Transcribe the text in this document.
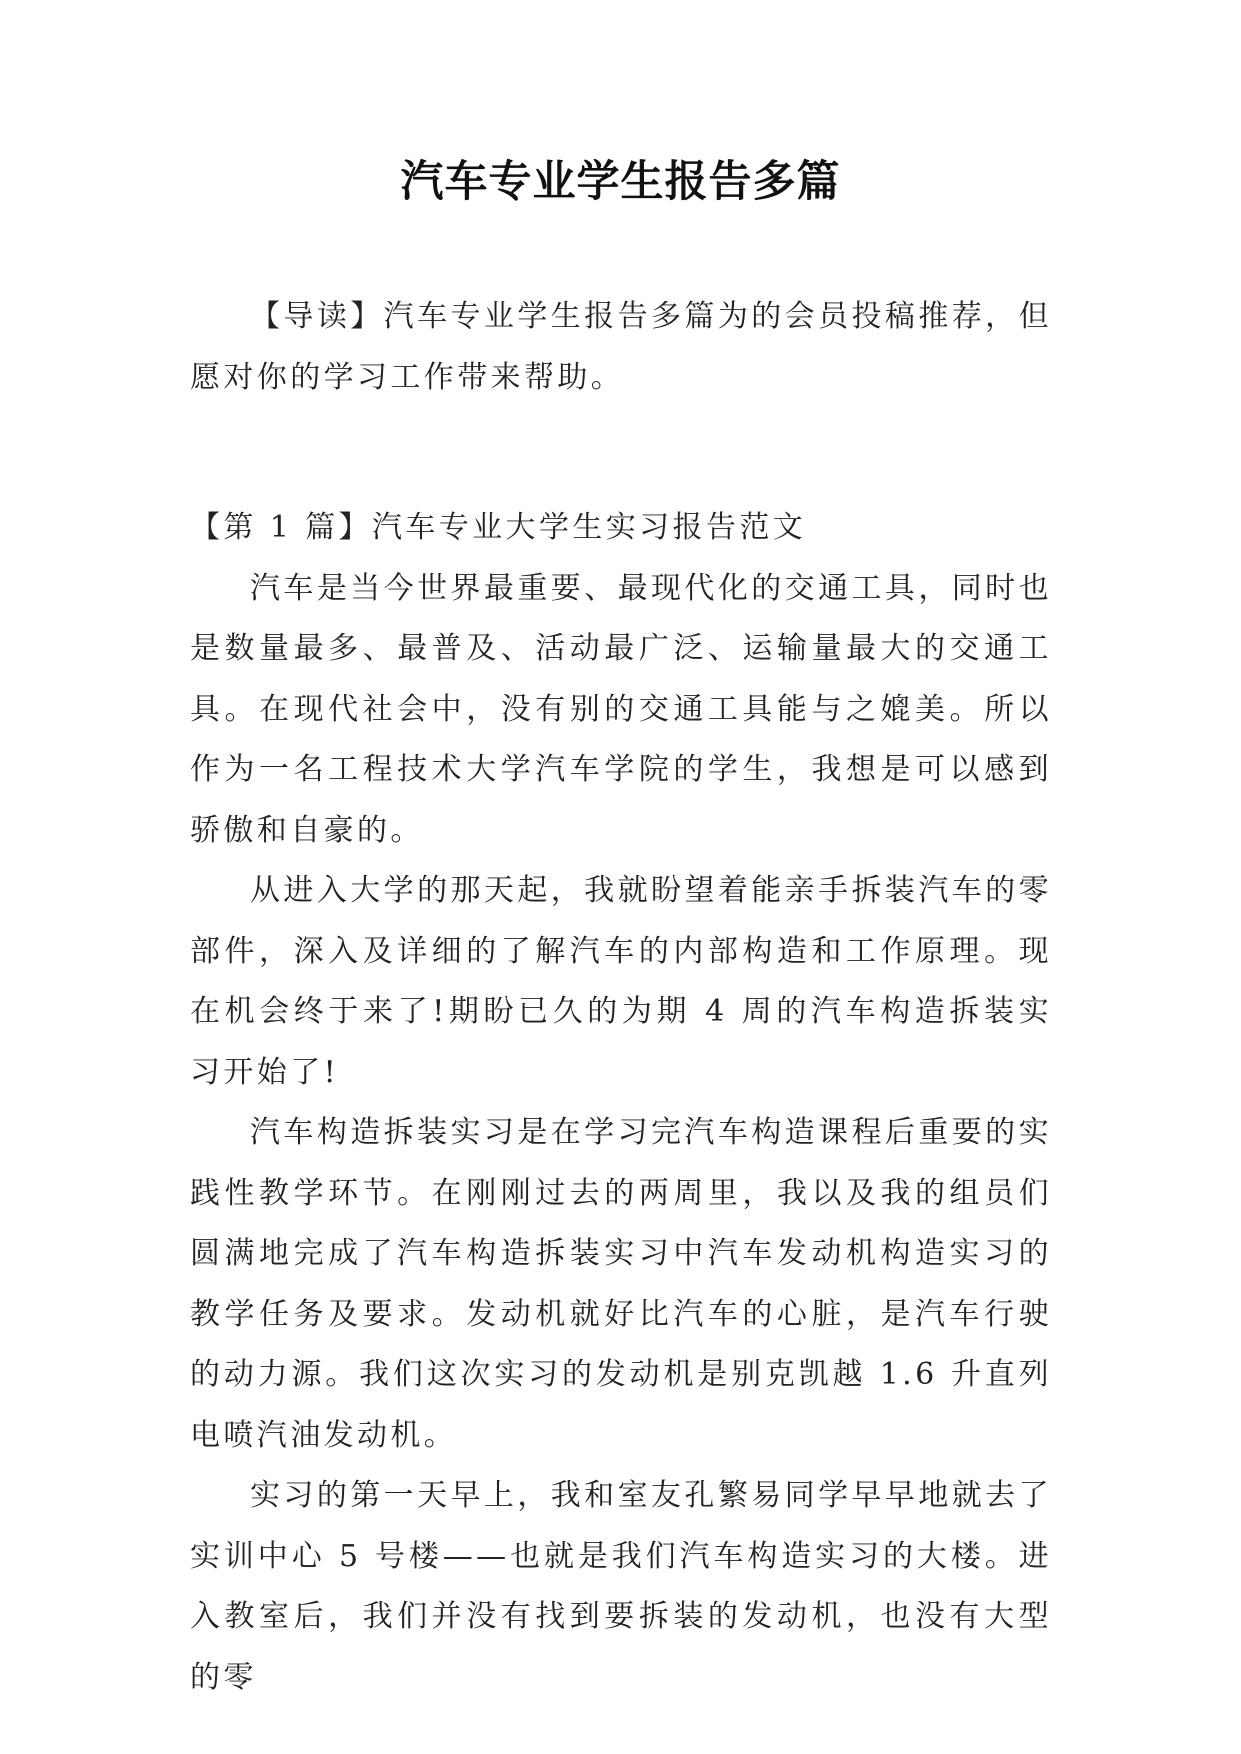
汽车专业学生报告多篇

【导读】汽车专业学生报告多篇为的会员投稿推荐，但愿对你的学习工作带来帮助。

【第 1 篇】汽车专业大学生实习报告范文

汽车是当今世界最重要、最现代化的交通工具，同时也是数量最多、最普及、活动最广泛、运输量最大的交通工具。在现代社会中，没有别的交通工具能与之媲美。所以作为一名工程技术大学汽车学院的学生，我想是可以感到骄傲和自豪的。

从进入大学的那天起，我就盼望着能亲手拆装汽车的零部件，深入及详细的了解汽车的内部构造和工作原理。现在机会终于来了!期盼已久的为期 4 周的汽车构造拆装实习开始了!

汽车构造拆装实习是在学习完汽车构造课程后重要的实践性教学环节。在刚刚过去的两周里，我以及我的组员们圆满地完成了汽车构造拆装实习中汽车发动机构造实习的教学任务及要求。发动机就好比汽车的心脏，是汽车行驶的动力源。我们这次实习的发动机是别克凯越 1.6 升直列电喷汽油发动机。

实习的第一天早上，我和室友孔繁易同学早早地就去了实训中心 5 号楼——也就是我们汽车构造实习的大楼。进入教室后，我们并没有找到要拆装的发动机，也没有大型的零
